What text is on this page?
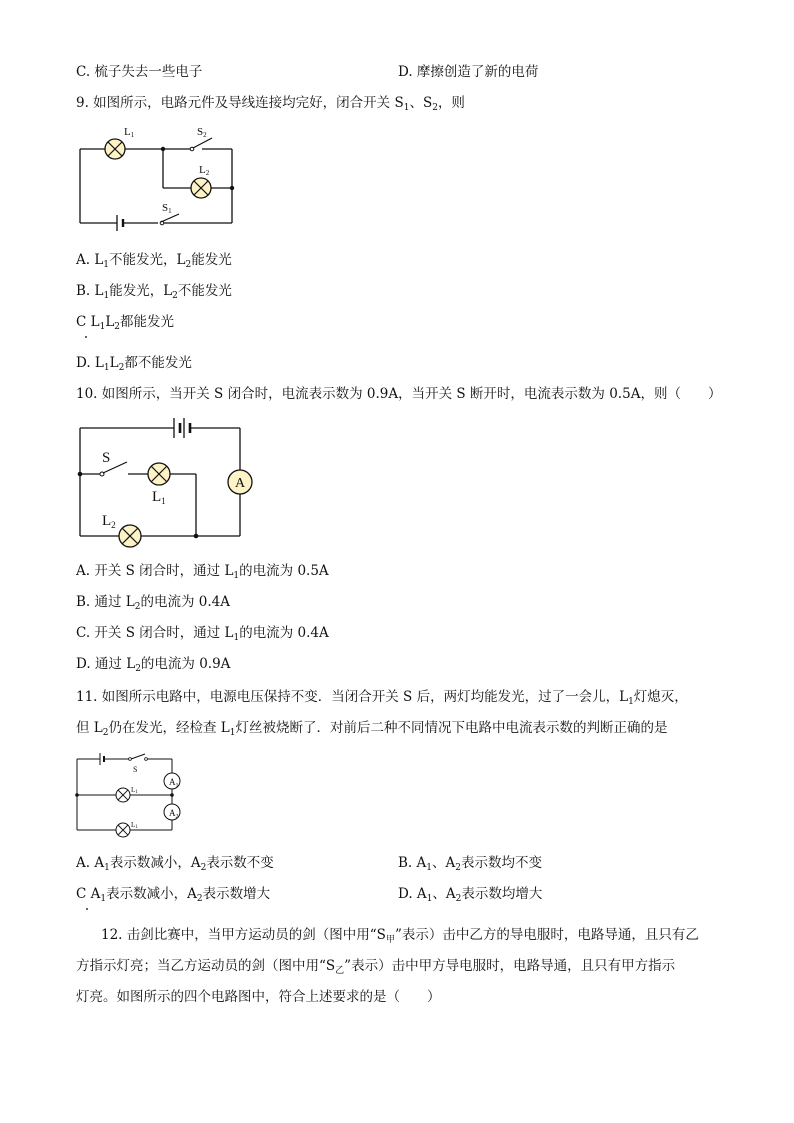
C. 梳子失去一些电子	D. 摩擦创造了新的电荷
9. 如图所示，电路元件及导线连接均完好，闭合开关 $S_1$、$S_2$，则
L1	S2
L2
S1
A. $L_1$不能发光，$L_2$能发光
B. $L_1$能发光，$L_2$不能发光
C $L_1L_2$都能发光
D. $L_1L_2$都不能发光
10. 如图所示，当开关 S 闭合时，电流表示数为 0.9A，当开关 S 断开时，电流表示数为 0.5A，则（　　）
A
S
$L_1$
$L_2$
A. 开关 S 闭合时，通过 $L_1$的电流为 0.5A
B. 通过 $L_2$的电流为 0.4A
C. 开关 S 闭合时，通过 $L_1$的电流为 0.4A
D. 通过 $L_2$的电流为 0.9A
11. 如图所示电路中，电源电压保持不变．当闭合开关 S 后，两灯均能发光，过了一会儿，$L_1$灯熄灭，
但 $L_2$仍在发光，经检查 $L_1$灯丝被烧断了．对前后二种不同情况下电路中电流表示数的判断正确的是
$A_1$
$A_2$
S
L1
L1
A. $A_1$表示数减小，$A_2$表示数不变	B. $A_1$、$A_2$表示数均不变
C $A_1$表示数减小，$A_2$表示数增大	D. $A_1$、$A_2$表示数均增大
12. 击剑比赛中，当甲方运动员的剑（图中用“$S_甲$”表示）击中乙方的导电服时，电路导通，且只有乙
方指示灯亮；当乙方运动员的剑（图中用“$S_乙$”表示）击中甲方导电服时，电路导通，且只有甲方指示
灯亮。如图所示的四个电路图中，符合上述要求的是（　　）
